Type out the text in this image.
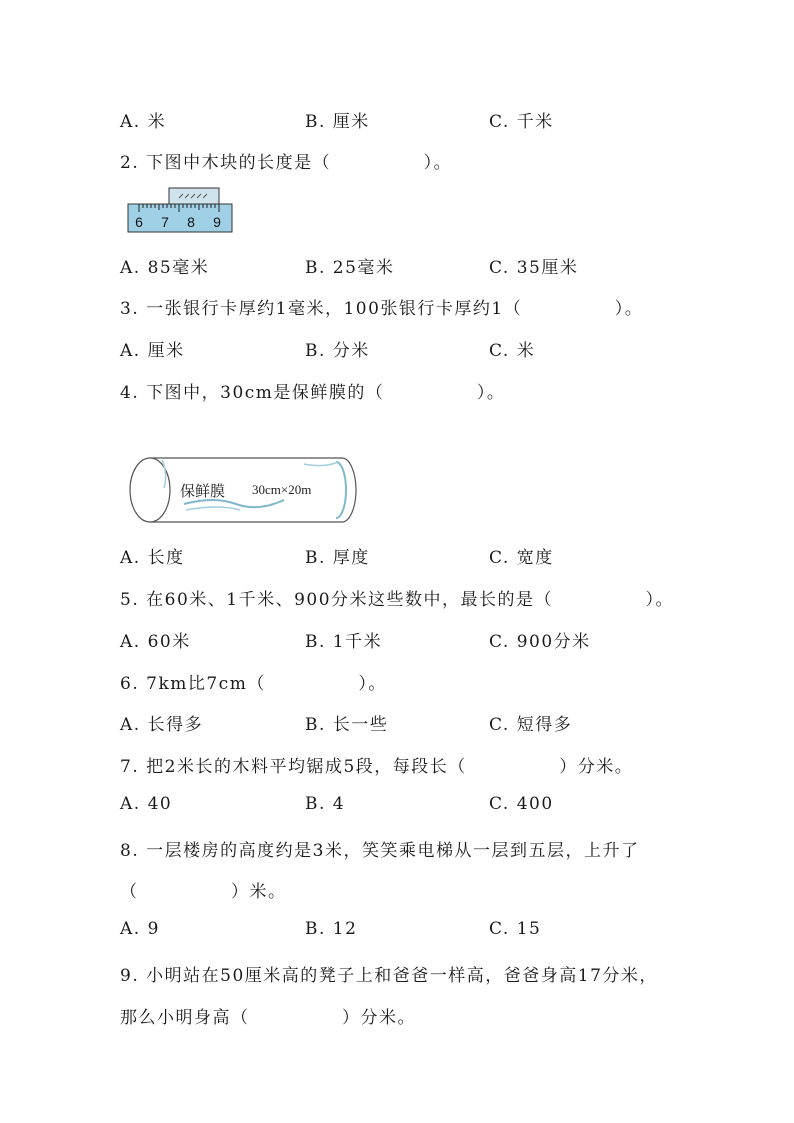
A. 米	B. 厘米	C. 千米
2. 下图中木块的长度是（　　　　　）。
6 7 8 9
A. 85毫米	B. 25毫米	C. 35厘米
3. 一张银行卡厚约1毫米，100张银行卡厚约1（　　　　　）。
A. 厘米	B. 分米	C. 米
4. 下图中，30cm是保鲜膜的（　　　　　）。
保鲜膜 30cm×20m
A. 长度	B. 厚度	C. 宽度
5. 在60米、1千米、900分米这些数中，最长的是（　　　　　）。
A. 60米	B. 1千米	C. 900分米
6. 7km比7cm（　　　　　）。
A. 长得多	B. 长一些	C. 短得多
7. 把2米长的木料平均锯成5段，每段长（　　　　　）分米。
A. 40	B. 4	C. 400
8. 一层楼房的高度约是3米，笑笑乘电梯从一层到五层，上升了
（　　　　　）米。
A. 9	B. 12	C. 15
9. 小明站在50厘米高的凳子上和爸爸一样高，爸爸身高17分米，
那么小明身高（　　　　　）分米。
